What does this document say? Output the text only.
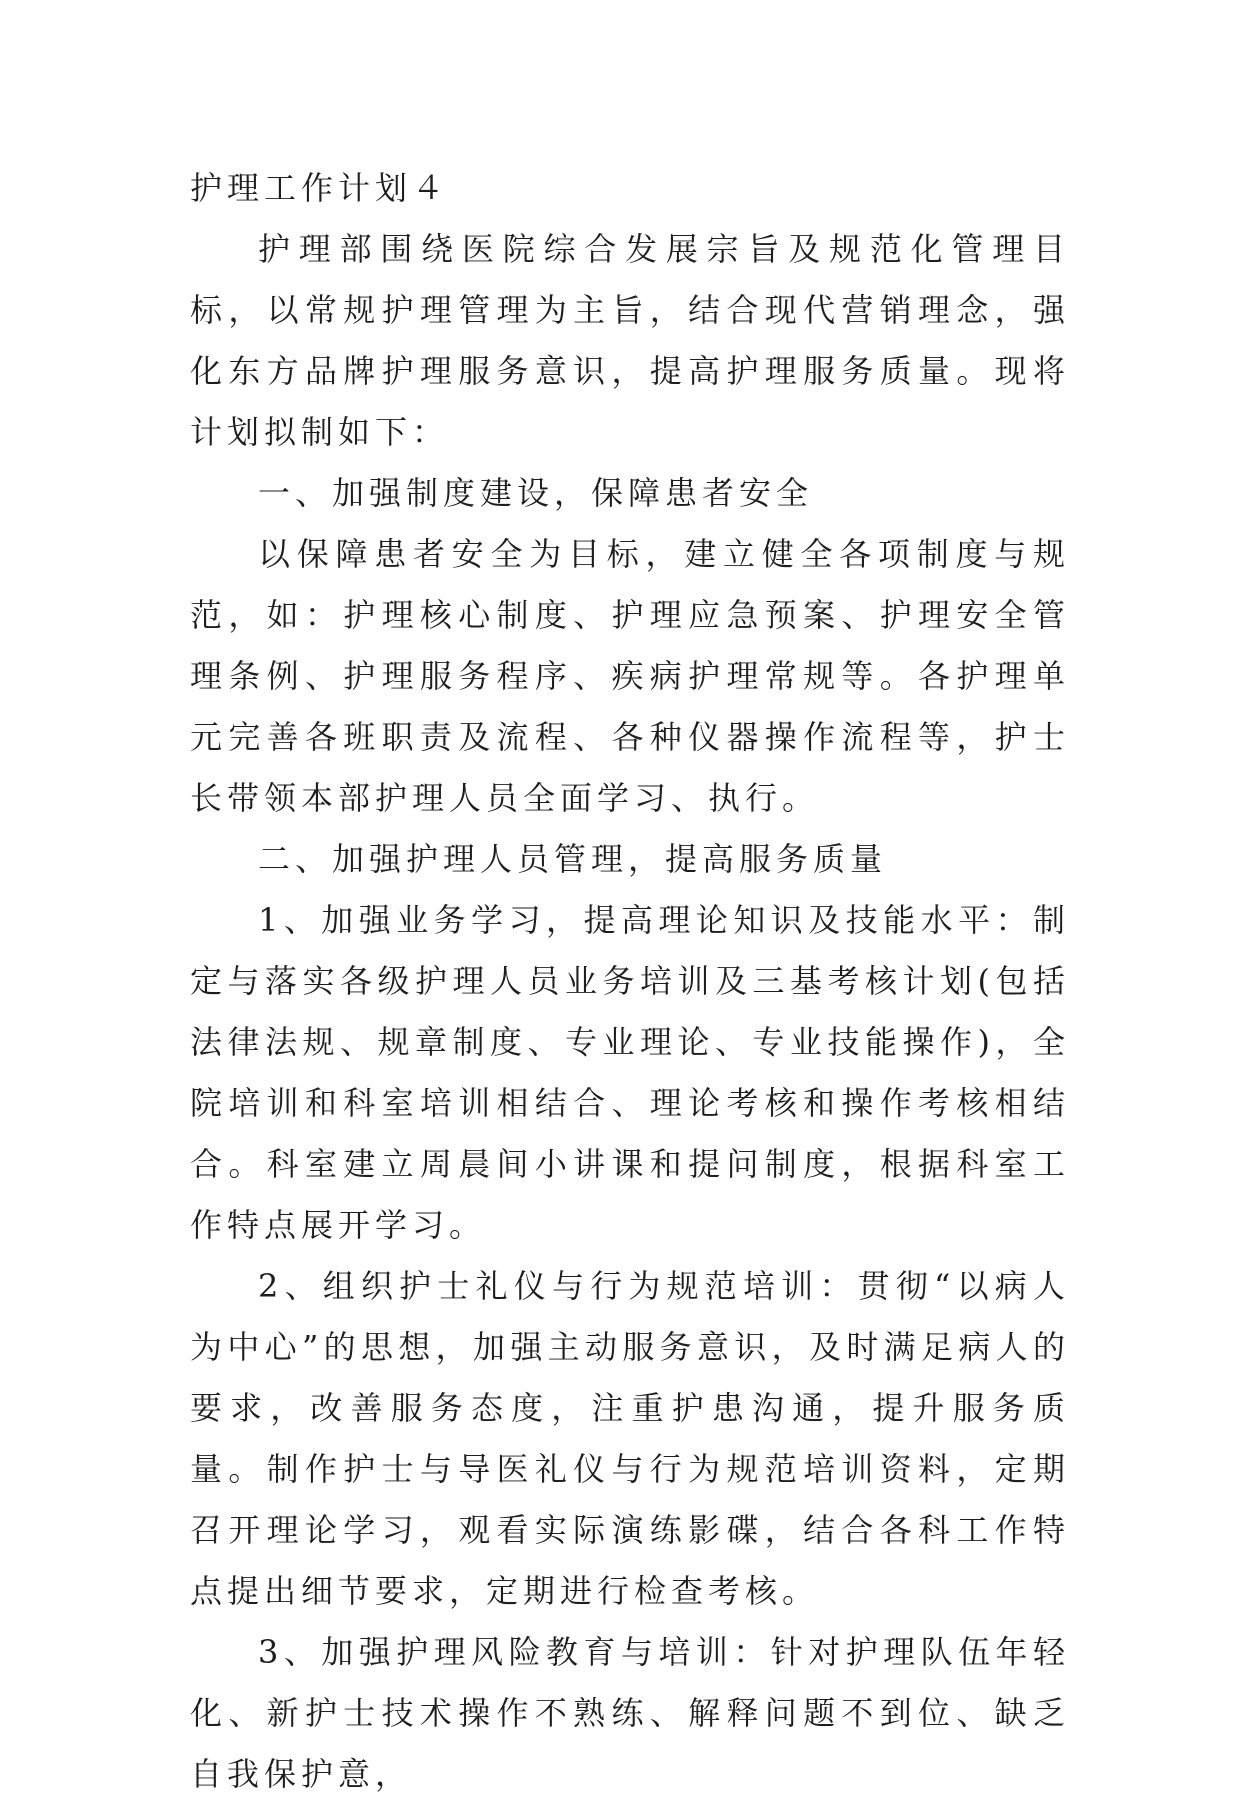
护理工作计划４

护理部围绕医院综合发展宗旨及规范化管理目标，以常规护理管理为主旨，结合现代营销理念，强化东方品牌护理服务意识，提高护理服务质量。现将计划拟制如下：

一、加强制度建设，保障患者安全

以保障患者安全为目标，建立健全各项制度与规范，如：护理核心制度、护理应急预案、护理安全管理条例、护理服务程序、疾病护理常规等。各护理单元完善各班职责及流程、各种仪器操作流程等，护士长带领本部护理人员全面学习、执行。

二、加强护理人员管理，提高服务质量

1、加强业务学习，提高理论知识及技能水平：制定与落实各级护理人员业务培训及三基考核计划(包括法律法规、规章制度、专业理论、专业技能操作)，全院培训和科室培训相结合、理论考核和操作考核相结合。科室建立周晨间小讲课和提问制度，根据科室工作特点展开学习。

2、组织护士礼仪与行为规范培训：贯彻“以病人为中心”的思想，加强主动服务意识，及时满足病人的要求，改善服务态度，注重护患沟通，提升服务质量。制作护士与导医礼仪与行为规范培训资料，定期召开理论学习，观看实际演练影碟，结合各科工作特点提出细节要求，定期进行检查考核。

3、加强护理风险教育与培训：针对护理队伍年轻化、新护士技术操作不熟练、解释问题不到位、缺乏自我保护意，
